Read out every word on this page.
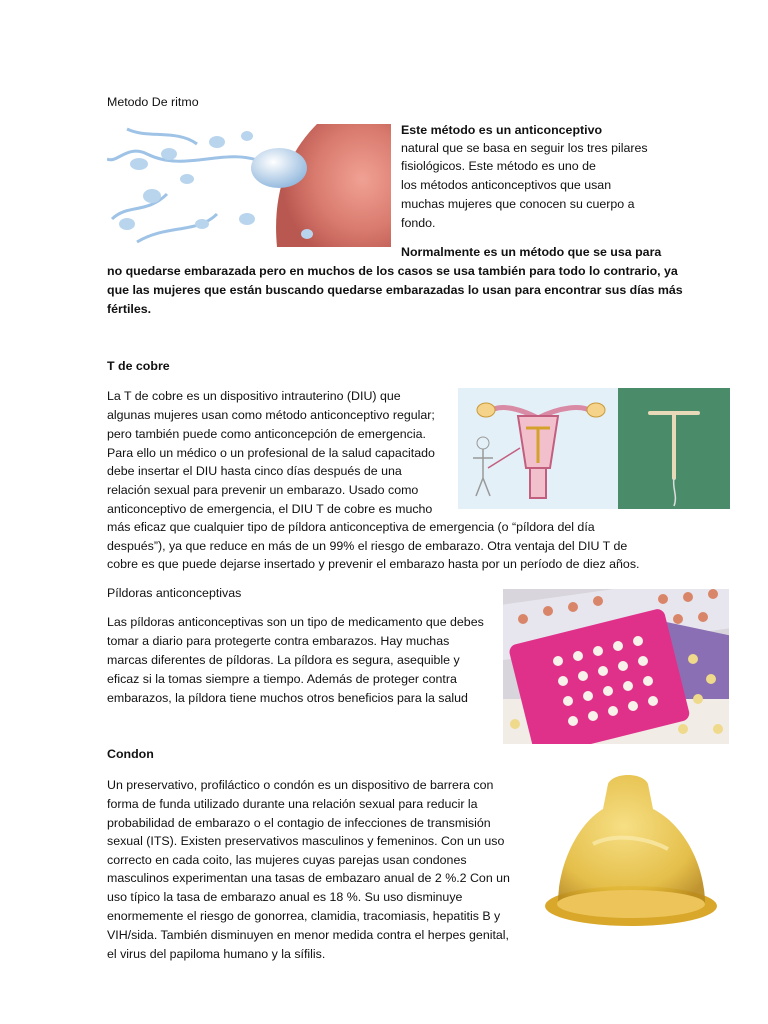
Metodo De ritmo

Este método es un anticonceptivo

natural que se basa en seguir los tres pilares

fisiológicos. Este método es uno de

los métodos anticonceptivos que usan

muchas mujeres que conocen su cuerpo a

fondo.

Normalmente es un método que se usa para

no quedarse embarazada pero en muchos de los casos se usa también para todo lo contrario, ya

que las mujeres que están buscando quedarse embarazadas lo usan para encontrar sus días más

fértiles.

T de cobre

La T de cobre es un dispositivo intrauterino (DIU) que

algunas mujeres usan como método anticonceptivo regular;

pero también puede como anticoncepción de emergencia.

Para ello un médico o un profesional de la salud capacitado

debe insertar el DIU hasta cinco días después de una

relación sexual para prevenir un embarazo. Usado como

anticonceptivo de emergencia, el DIU T de cobre es mucho

más eficaz que cualquier tipo de píldora anticonceptiva de emergencia (o “píldora del día

después”), ya que reduce en más de un 99% el riesgo de embarazo. Otra ventaja del DIU T de

cobre es que puede dejarse insertado y prevenir el embarazo hasta por un período de diez años.

Píldoras anticonceptivas

Las píldoras anticonceptivas son un tipo de medicamento que debes

tomar a diario para protegerte contra embarazos. Hay muchas

marcas diferentes de píldoras. La píldora es segura, asequible y

eficaz si la tomas siempre a tiempo. Además de proteger contra

embarazos, la píldora tiene muchos otros beneficios para la salud

Condon

Un preservativo, profiláctico o condón es un dispositivo de barrera con

forma de funda utilizado durante una relación sexual para reducir la

probabilidad de embarazo o el contagio de infecciones de transmisión

sexual (ITS). Existen preservativos masculinos y femeninos. Con un uso

correcto en cada coito, las mujeres cuyas parejas usan condones

masculinos experimentan una tasas de embazaro anual de 2 %.2 Con un

uso típico la tasa de embarazo anual es 18 %. Su uso disminuye

enormemente el riesgo de gonorrea, clamidia, tracomiasis, hepatitis B y

VIH/sida. También disminuyen en menor medida contra el herpes genital,

el virus del papiloma humano y la sífilis.
